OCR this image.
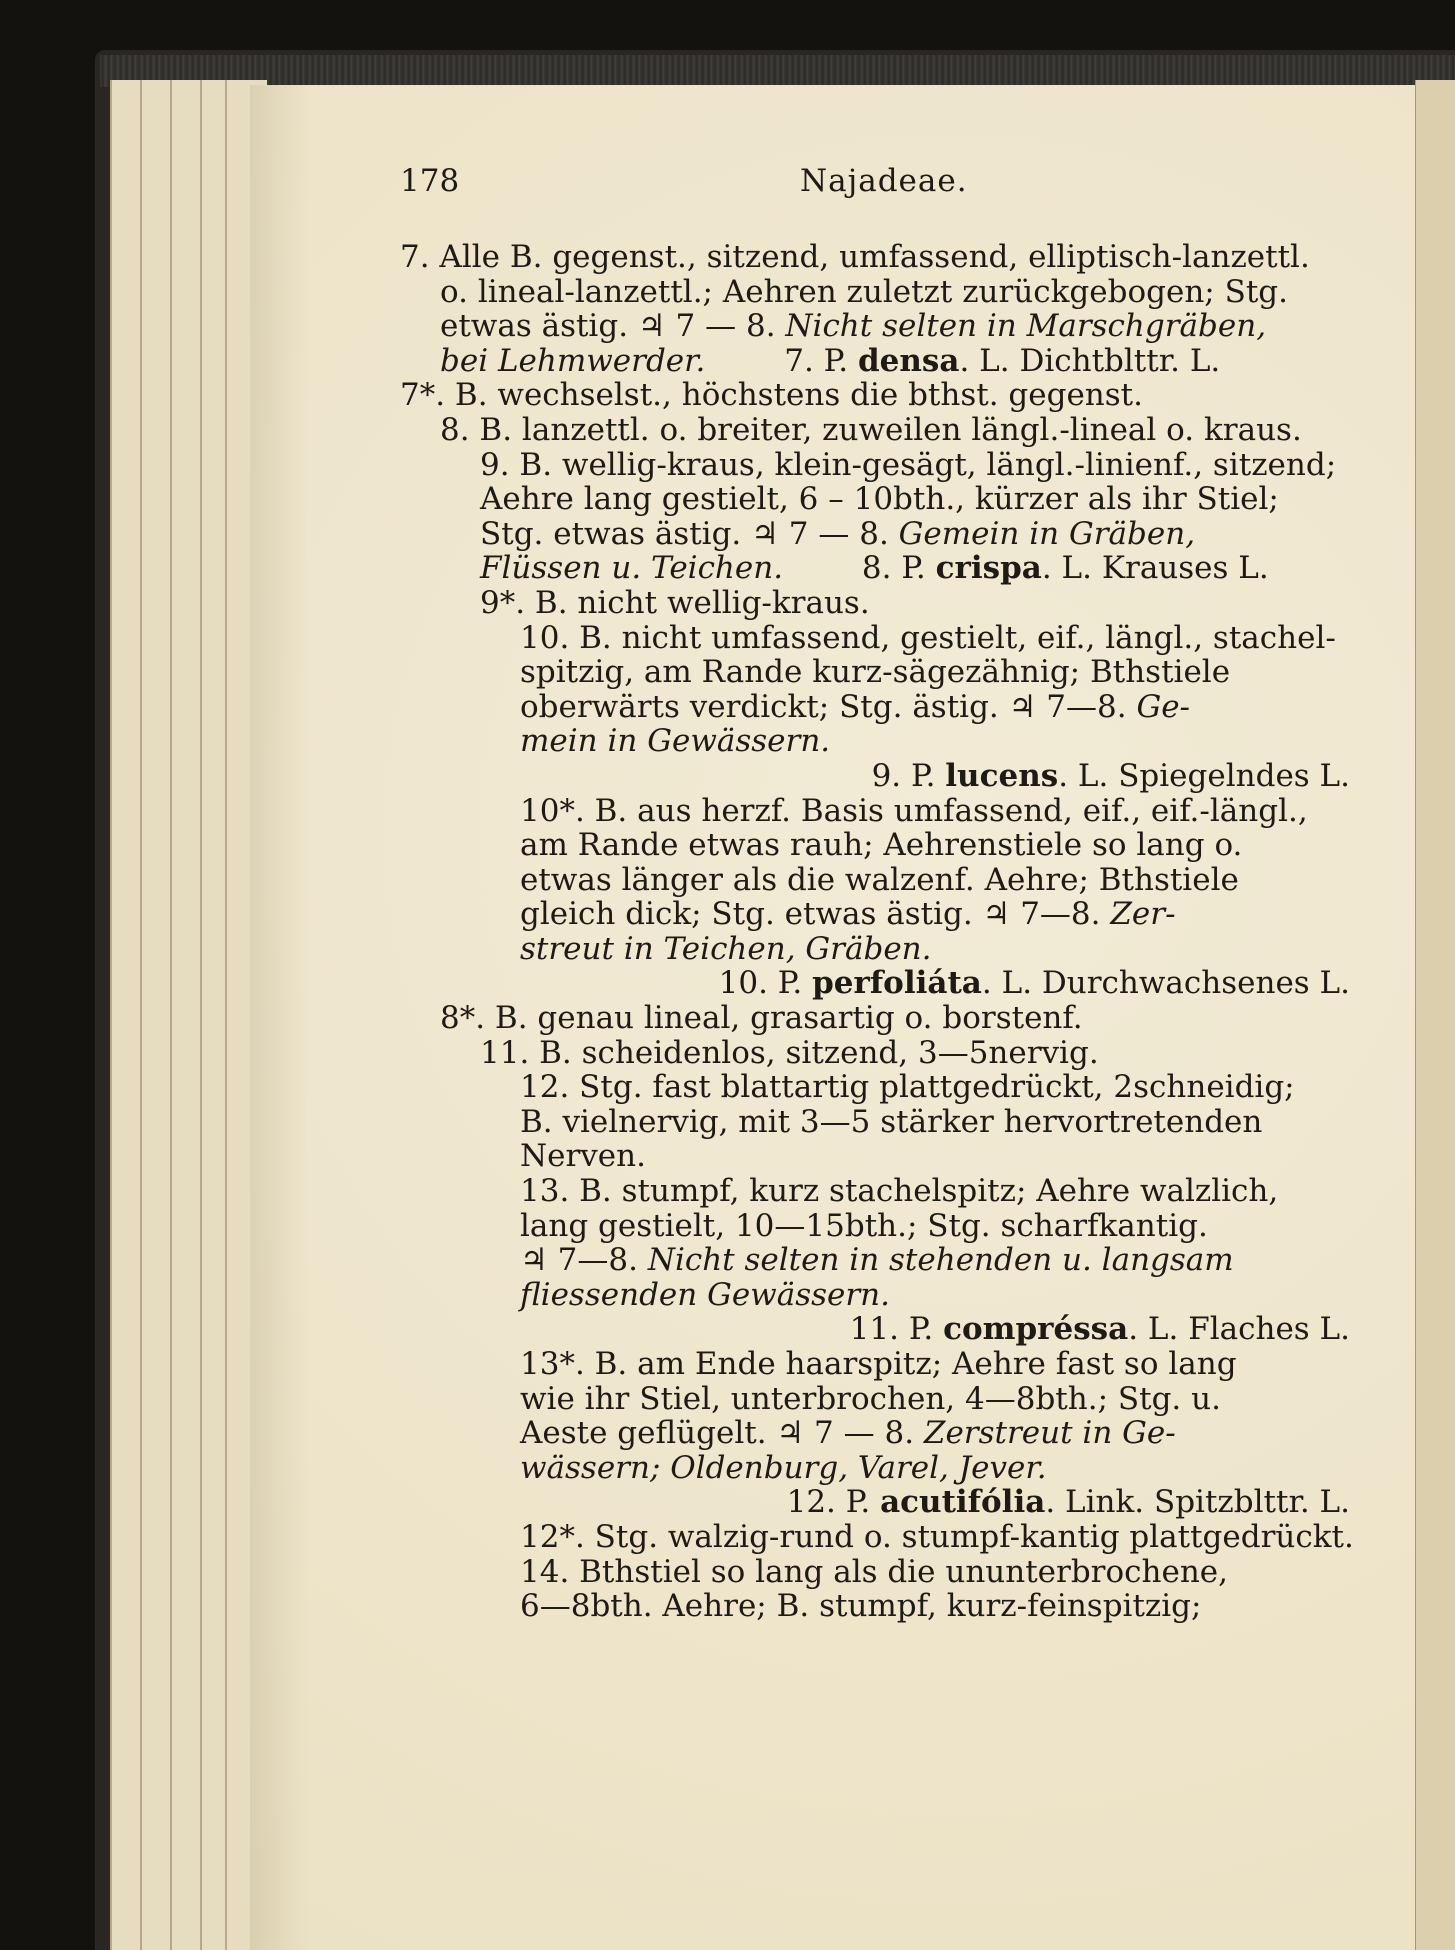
178	Najadeae.
7. Alle B. gegenst., sitzend, umfassend, elliptisch-lanzettl.
o. lineal-lanzettl.; Aehren zuletzt zurückgebogen; Stg.
etwas ästig. ♃ 7 — 8. Nicht selten in Marschgräben,
bei Lehmwerder. 7. P. densa . L. Dichtblttr. L.
7*. B. wechselst., höchstens die bthst. gegenst.
8. B. lanzettl. o. breiter, zuweilen längl.-lineal o. kraus.
9. B. wellig-kraus, klein-gesägt, längl.-linienf., sitzend;
Aehre lang gestielt, 6 – 10bth., kürzer als ihr Stiel;
Stg. etwas ästig. ♃ 7 — 8. Gemein in Gräben,
Flüssen u. Teichen. 8. P. crispa . L. Krauses L.
9*. B. nicht wellig-kraus.
10. B. nicht umfassend, gestielt, eif., längl., stachel-
spitzig, am Rande kurz-sägezähnig; Bthstiele
oberwärts verdickt; Stg. ästig. ♃ 7—8. Ge-
mein in Gewässern.
9. P. lucens . L. Spiegelndes L.
10*. B. aus herzf. Basis umfassend, eif., eif.-längl.,
am Rande etwas rauh; Aehrenstiele so lang o.
etwas länger als die walzenf. Aehre; Bthstiele
gleich dick; Stg. etwas ästig. ♃ 7—8. Zer-
streut in Teichen, Gräben.
10. P. perfoliáta . L. Durchwachsenes L.
8*. B. genau lineal, grasartig o. borstenf.
11. B. scheidenlos, sitzend, 3—5nervig.
12. Stg. fast blattartig plattgedrückt, 2schneidig;
B. vielnervig, mit 3—5 stärker hervortretenden
Nerven.
13. B. stumpf, kurz stachelspitz; Aehre walzlich,
lang gestielt, 10—15bth.; Stg. scharfkantig.
♃ 7—8. Nicht selten in stehenden u. langsam
fliessenden Gewässern.
11. P. compréssa . L. Flaches L.
13*. B. am Ende haarspitz; Aehre fast so lang
wie ihr Stiel, unterbrochen, 4—8bth.; Stg. u.
Aeste geflügelt. ♃ 7 — 8. Zerstreut in Ge-
wässern; Oldenburg, Varel, Jever.
12. P. acutifólia . Link. Spitzblttr. L.
12*. Stg. walzig-rund o. stumpf-kantig plattgedrückt.
14. Bthstiel so lang als die ununterbrochene,
6—8bth. Aehre; B. stumpf, kurz-feinspitzig;
